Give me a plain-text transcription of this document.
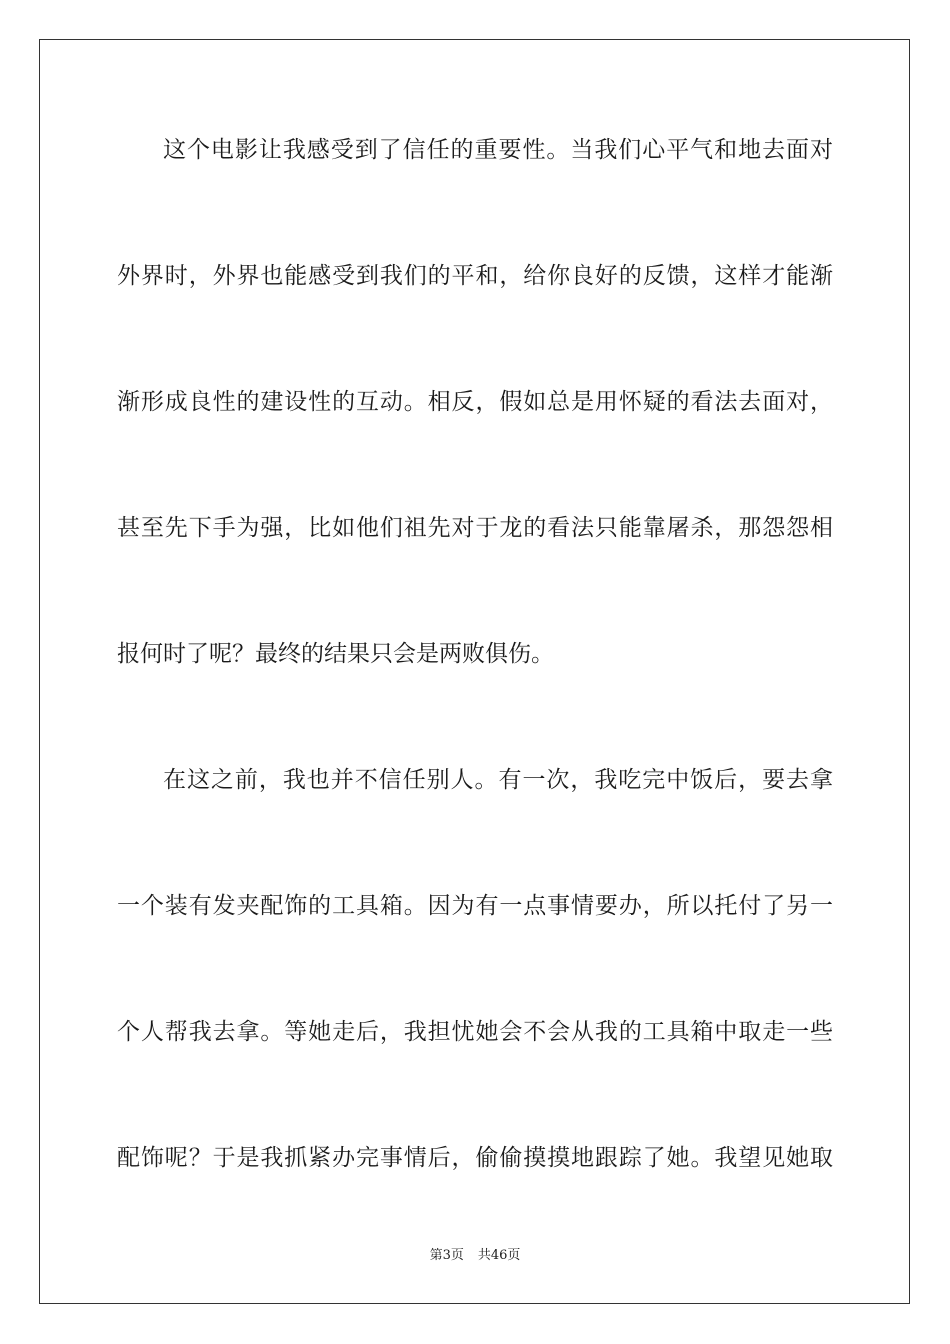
这个电影让我感受到了信任的重要性。当我们心平气和地去面对
外界时，外界也能感受到我们的平和，给你良好的反馈，这样才能渐
渐形成良性的建设性的互动。相反，假如总是用怀疑的看法去面对，
甚至先下手为强，比如他们祖先对于龙的看法只能靠屠杀，那怨怨相
报何时了呢？最终的结果只会是两败俱伤。
在这之前，我也并不信任别人。有一次，我吃完中饭后，要去拿
一个装有发夹配饰的工具箱。因为有一点事情要办，所以托付了另一
个人帮我去拿。等她走后，我担忧她会不会从我的工具箱中取走一些
配饰呢？于是我抓紧办完事情后，偷偷摸摸地跟踪了她。我望见她取
第3页 共46页
